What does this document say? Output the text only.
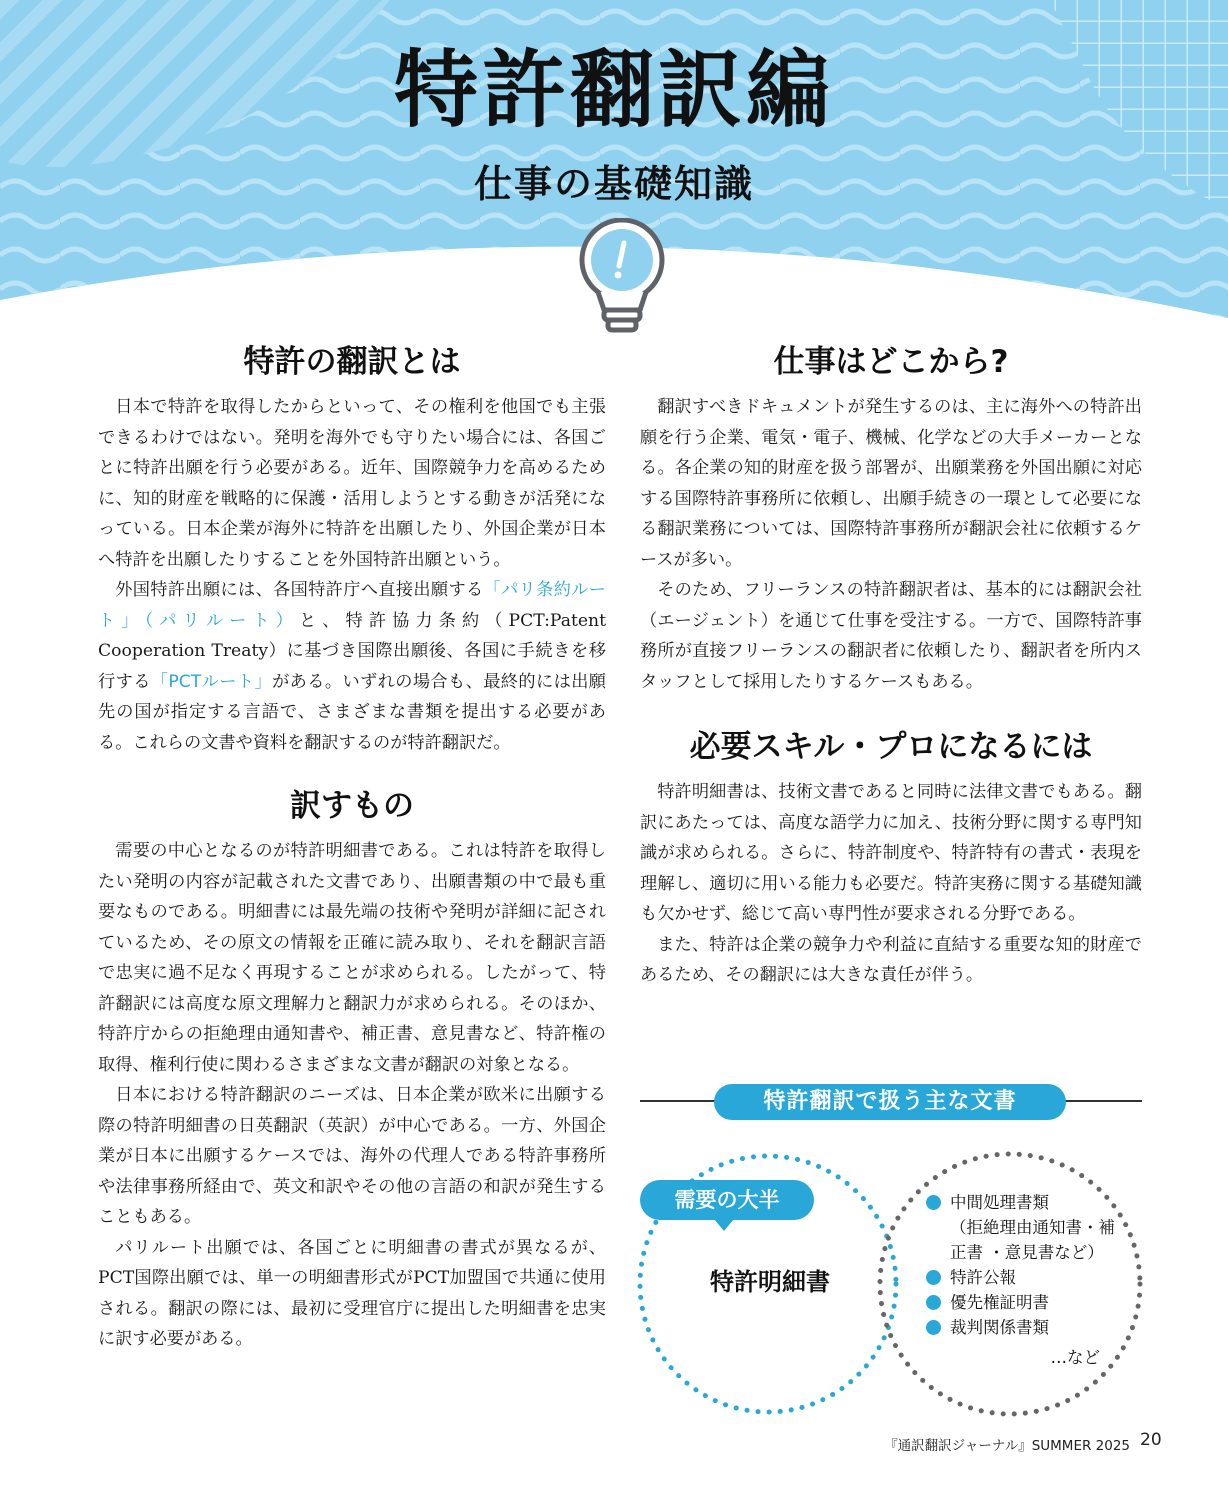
特許翻訳編
仕事の基礎知識
特許の翻訳とは

日本で特許を取得したからといって、その権利を他国でも主張できるわけではない。発明を海外でも守りたい場合には、各国ごとに特許出願を行う必要がある。近年、国際競争力を高めるために、知的財産を戦略的に保護・活用しようとする動きが活発になっている。日本企業が海外に特許を出願したり、外国企業が日本へ特許を出願したりすることを外国特許出願という。

外国特許出願には、各国特許庁へ直接出願する「パリ条約ルート」（パリルート）と、特許協力条約（PCT:Patent Cooperation Treaty）に基づき国際出願後、各国に手続きを移行する「PCTルート」がある。いずれの場合も、最終的には出願先の国が指定する言語で、さまざまな書類を提出する必要がある。これらの文書や資料を翻訳するのが特許翻訳だ。

訳すもの

需要の中心となるのが特許明細書である。これは特許を取得したい発明の内容が記載された文書であり、出願書類の中で最も重要なものである。明細書には最先端の技術や発明が詳細に記されているため、その原文の情報を正確に読み取り、それを翻訳言語で忠実に過不足なく再現することが求められる。したがって、特許翻訳には高度な原文理解力と翻訳力が求められる。そのほか、特許庁からの拒絶理由通知書や、補正書、意見書など、特許権の取得、権利行使に関わるさまざまな文書が翻訳の対象となる。

日本における特許翻訳のニーズは、日本企業が欧米に出願する際の特許明細書の日英翻訳（英訳）が中心である。一方、外国企業が日本に出願するケースでは、海外の代理人である特許事務所や法律事務所経由で、英文和訳やその他の言語の和訳が発生することもある。

パリルート出願では、各国ごとに明細書の書式が異なるが、PCT国際出願では、単一の明細書形式がPCT加盟国で共通に使用される。翻訳の際には、最初に受理官庁に提出した明細書を忠実に訳す必要がある。

仕事はどこから?

翻訳すべきドキュメントが発生するのは、主に海外への特許出願を行う企業、電気・電子、機械、化学などの大手メーカーとなる。各企業の知的財産を扱う部署が、出願業務を外国出願に対応する国際特許事務所に依頼し、出願手続きの一環として必要になる翻訳業務については、国際特許事務所が翻訳会社に依頼するケースが多い。

そのため、フリーランスの特許翻訳者は、基本的には翻訳会社（エージェント）を通じて仕事を受注する。一方で、国際特許事務所が直接フリーランスの翻訳者に依頼したり、翻訳者を所内スタッフとして採用したりするケースもある。

必要スキル・プロになるには

特許明細書は、技術文書であると同時に法律文書でもある。翻訳にあたっては、高度な語学力に加え、技術分野に関する専門知識が求められる。さらに、特許制度や、特許特有の書式・表現を理解し、適切に用いる能力も必要だ。特許実務に関する基礎知識も欠かせず、総じて高い専門性が要求される分野である。

また、特許は企業の競争力や利益に直結する重要な知的財産であるため、その翻訳には大きな責任が伴う。

特許翻訳で扱う主な文書
需要の大半
特許明細書
中間処理書類
（拒絶理由通知書・補正書 ・意見書など）
特許公報
優先権証明書
裁判関係書類
…など
『通訳翻訳ジャーナル』SUMMER 2025 20
